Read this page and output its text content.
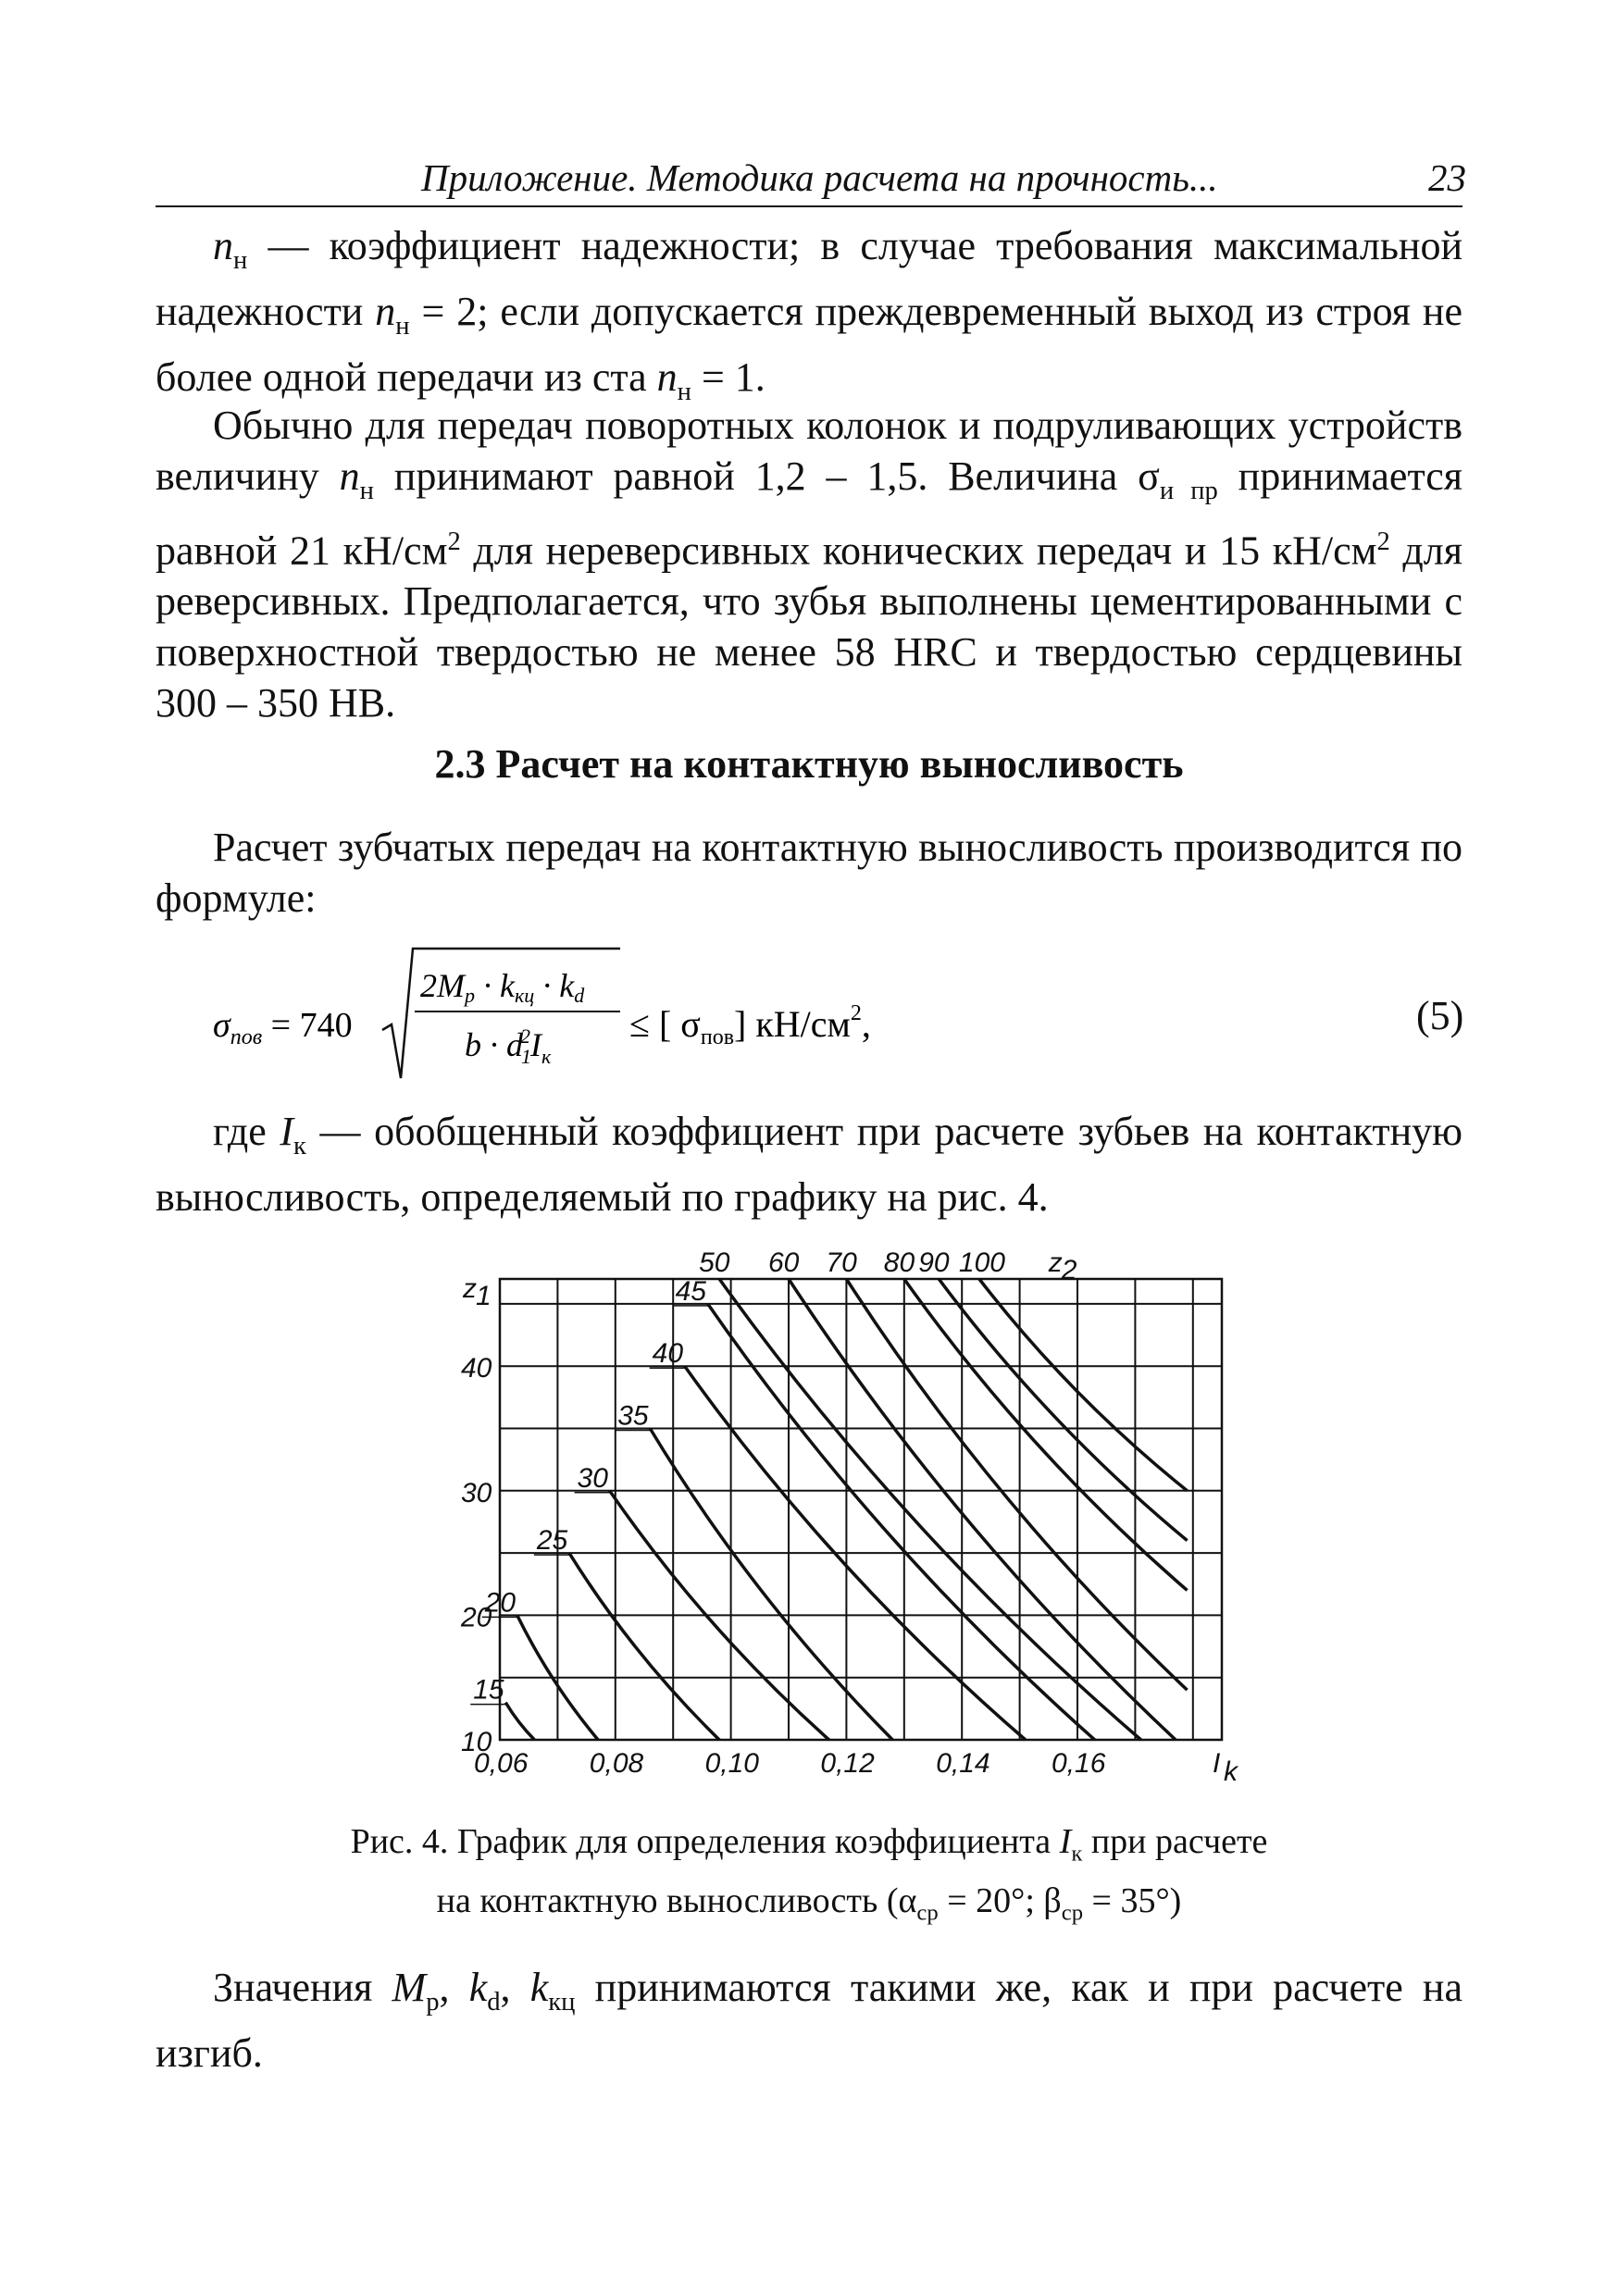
Приложение. Методика расчета на прочность...	23

$n_н$ — коэффициент надежности; в случае требования максимальной надежности $n_н = 2$; если допускается преждевременный выход из строя не более одной передачи из ста $n_н = 1$.

Обычно для передач поворотных колонок и подруливающих устройств величину $n_н$ принимают равной 1,2 – 1,5. Величина $\sigma_{и пр}$ принимается равной 21 $кН/см^2$ для нереверсивных конических передач и 15 $кН/см^2$ для реверсивных. Предполагается, что зубья выполнены цементированными с поверхностной твердостью не менее 58 HRC и твердостью сердцевины 300 – 350 HB.

2.3 Расчет на контактную выносливость

Расчет зубчатых передач на контактную выносливость производится по формуле:

$\sigma_{пов} = 740$
2Mр · kкц · kd
$b \cdot d12I_к$
≤ [ $\sigma_{пов}$] $кН/см^2$,	(5)

где $I_к$ — обобщенный коэффициент при расчете зубьев на контактную выносливость, определяемый по графику на рис. 4.

0,06 0,08 0,10 0,12 0,14 0,16	I k
10
20
30
40
z 1
50 60 70 80 90 100 z 2
15
20
25
30
35
40
45
Рис. 4. График для определения коэффициента $I_к$ при расчете
на контактную выносливость ($\alpha_{ср} = 20^\circ$; $\beta_{ср} = 35^\circ$)

Значения $M_р$, $k_d$, $k_{кц}$ принимаются такими же, как и при расчете на изгиб.
